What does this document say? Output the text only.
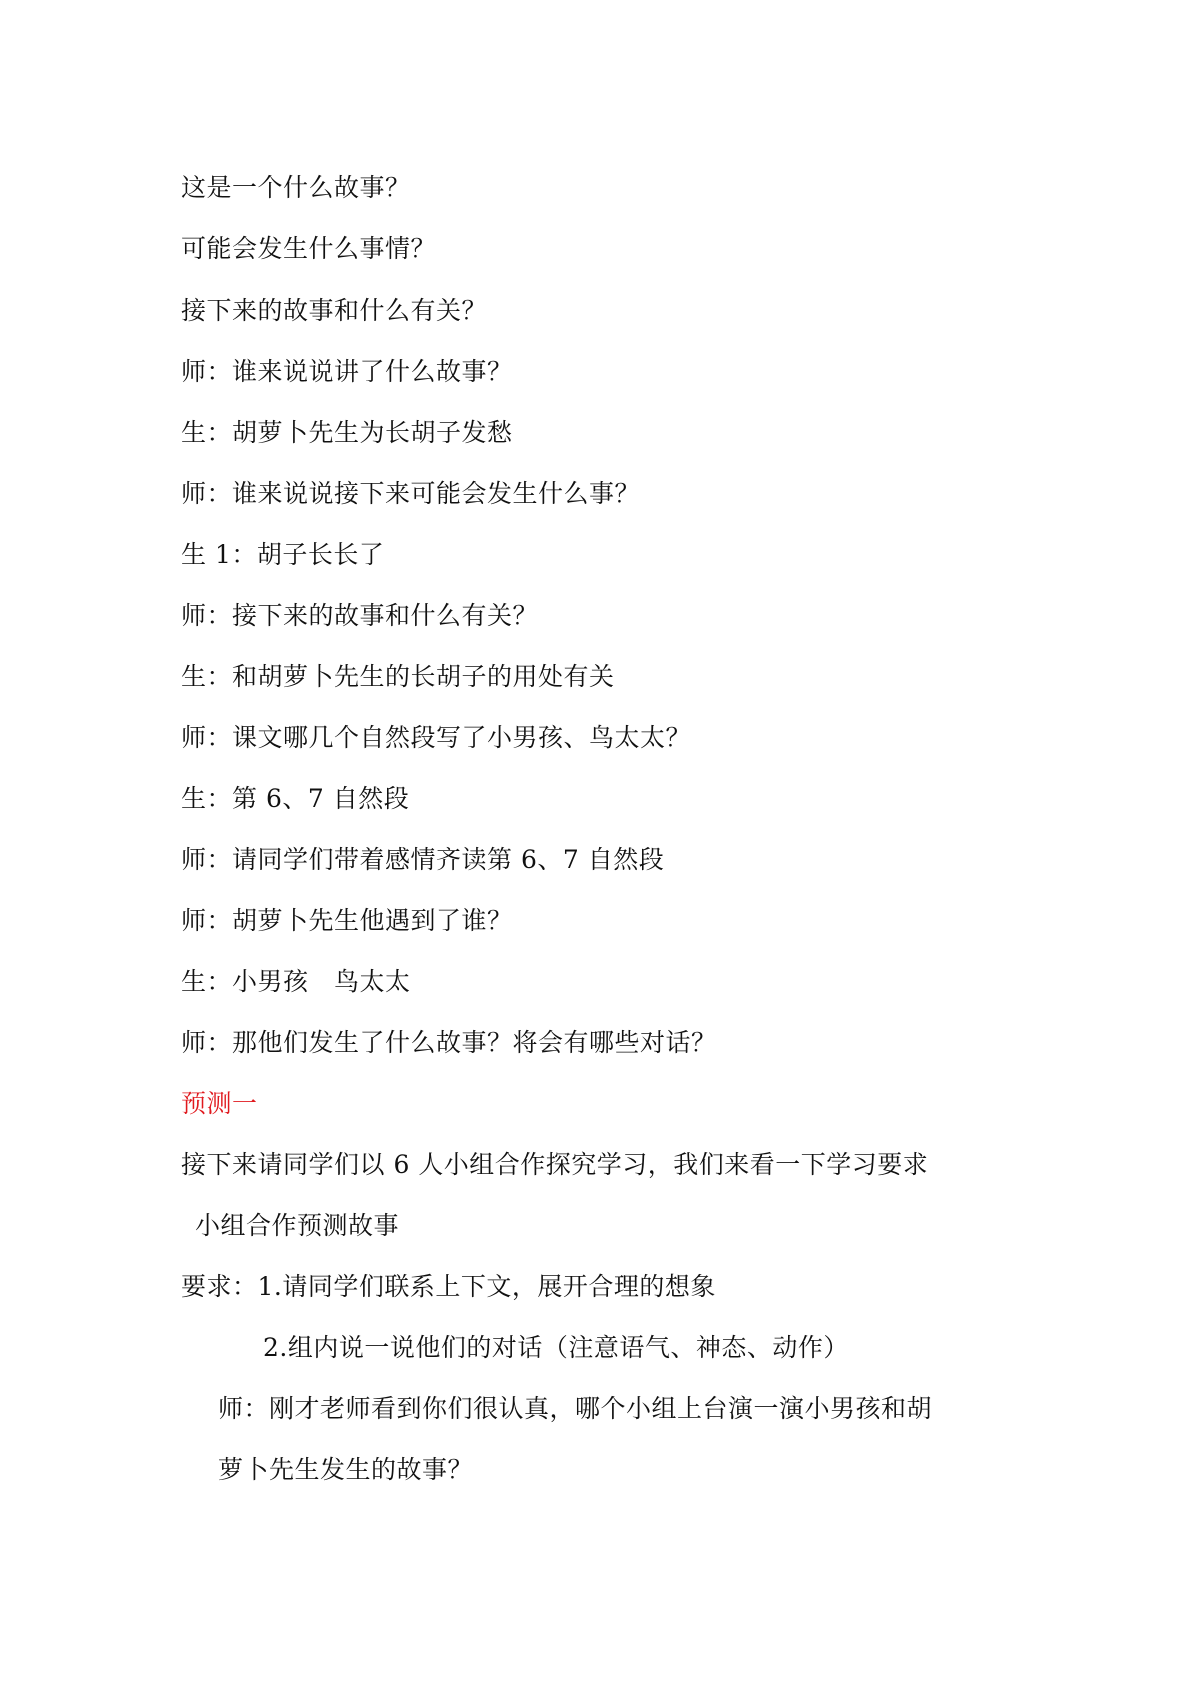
这是一个什么故事？
可能会发生什么事情？
接下来的故事和什么有关？
师：谁来说说讲了什么故事？
生：胡萝卜先生为长胡子发愁
师：谁来说说接下来可能会发生什么事？
生 1：胡子长长了
师：接下来的故事和什么有关？
生：和胡萝卜先生的长胡子的用处有关
师：课文哪几个自然段写了小男孩、鸟太太？
生：第 6、7 自然段
师：请同学们带着感情齐读第 6、7 自然段
师：胡萝卜先生他遇到了谁？
生：小男孩　鸟太太
师：那他们发生了什么故事？将会有哪些对话？
预测一
接下来请同学们以 6 人小组合作探究学习，我们来看一下学习要求
小组合作预测故事
要求：1.请同学们联系上下文，展开合理的想象
2.组内说一说他们的对话（注意语气、神态、动作）
师：刚才老师看到你们很认真，哪个小组上台演一演小男孩和胡
萝卜先生发生的故事？
